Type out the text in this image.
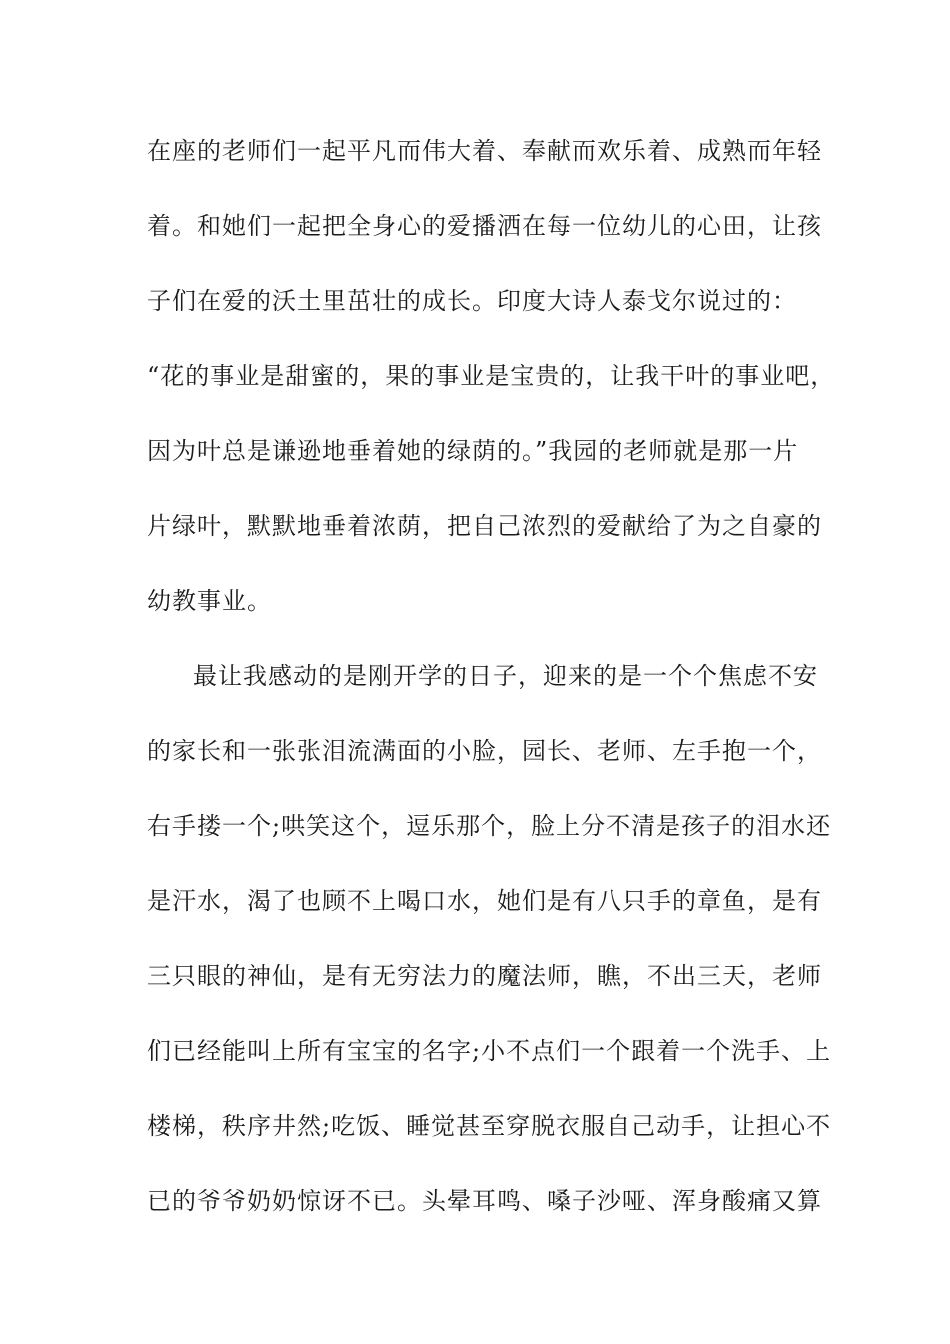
在座的老师们一起平凡而伟大着、奉献而欢乐着、成熟而年轻
着。和她们一起把全身心的爱播洒在每一位幼儿的心田，让孩
子们在爱的沃土里茁壮的成长。印度大诗人泰戈尔说过的：
“花的事业是甜蜜的，果的事业是宝贵的，让我干叶的事业吧，
因为叶总是谦逊地垂着她的绿荫的。”我园的老师就是那一片
片绿叶，默默地垂着浓荫，把自己浓烈的爱献给了为之自豪的
幼教事业。
最让我感动的是刚开学的日子，迎来的是一个个焦虑不安
的家长和一张张泪流满面的小脸，园长、老师、左手抱一个，
右手搂一个;哄笑这个，逗乐那个，脸上分不清是孩子的泪水还
是汗水，渴了也顾不上喝口水，她们是有八只手的章鱼，是有
三只眼的神仙，是有无穷法力的魔法师，瞧，不出三天，老师
们已经能叫上所有宝宝的名字;小不点们一个跟着一个洗手、上
楼梯，秩序井然;吃饭、睡觉甚至穿脱衣服自己动手，让担心不
已的爷爷奶奶惊讶不已。头晕耳鸣、嗓子沙哑、浑身酸痛又算
